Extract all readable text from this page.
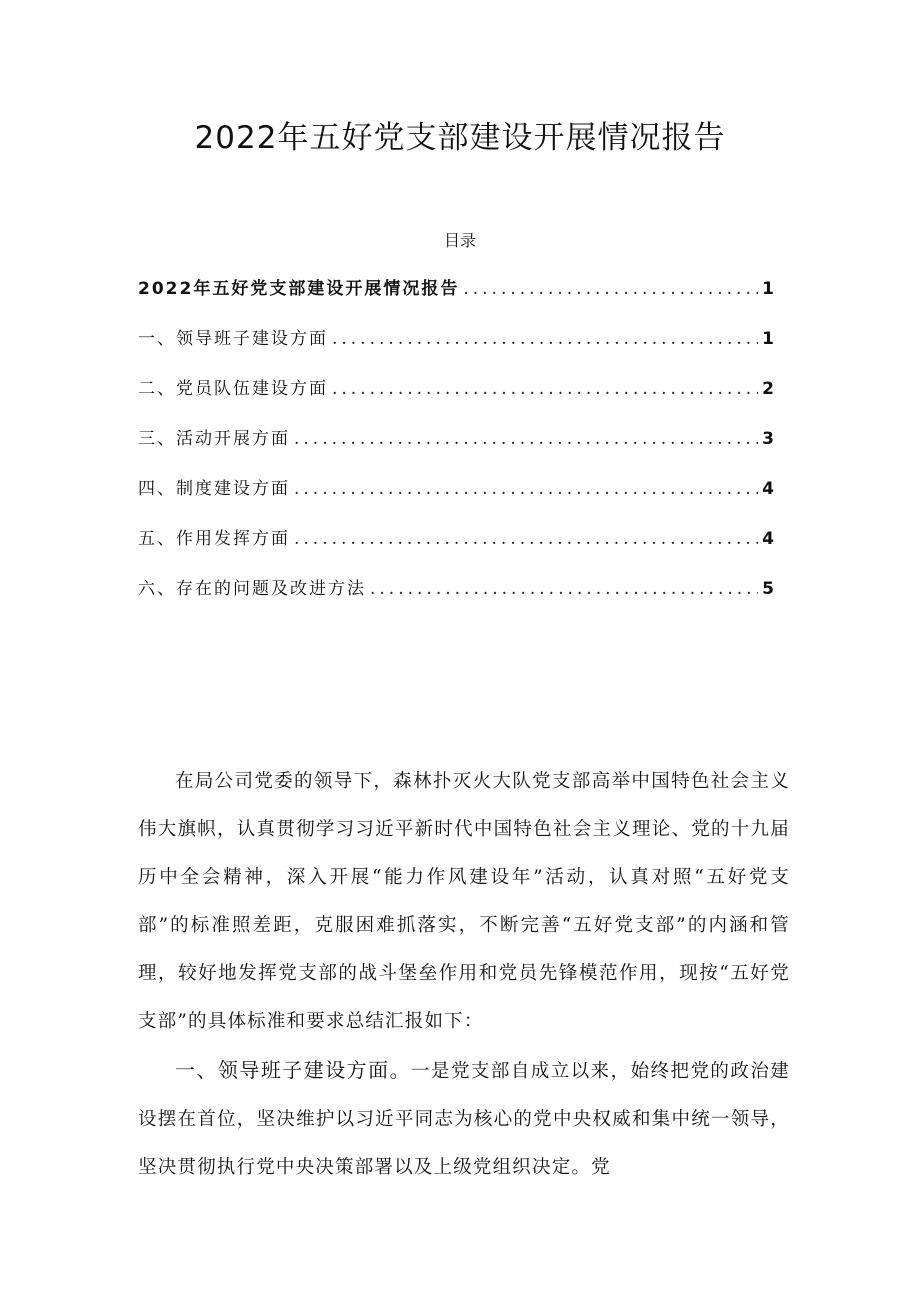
2022年五好党支部建设开展情况报告
目录
2022年五好党支部建设开展情况报告 .....	1
一、领导班子建设方面 .....	1
二、党员队伍建设方面 .....	2
三、活动开展方面 .....	3
四、制度建设方面 .....	4
五、作用发挥方面 .....	4
六、存在的问题及改进方法 .....	5

在局公司党委的领导下，森林扑灭火大队党支部高举中国特色社会主义伟大旗帜，认真贯彻学习习近平新时代中国特色社会主义理论、党的十九届历中全会精神，深入开展“能力作风建设年”活动，认真对照“五好党支部”的标准照差距，克服困难抓落实，不断完善“五好党支部”的内涵和管理，较好地发挥党支部的战斗堡垒作用和党员先锋模范作用，现按“五好党支部”的具体标准和要求总结汇报如下：

一、领导班子建设方面。一是党支部自成立以来，始终把党的政治建设摆在首位，坚决维护以习近平同志为核心的党中央权威和集中统一领导，坚决贯彻执行党中央决策部署以及上级党组织决定。党
